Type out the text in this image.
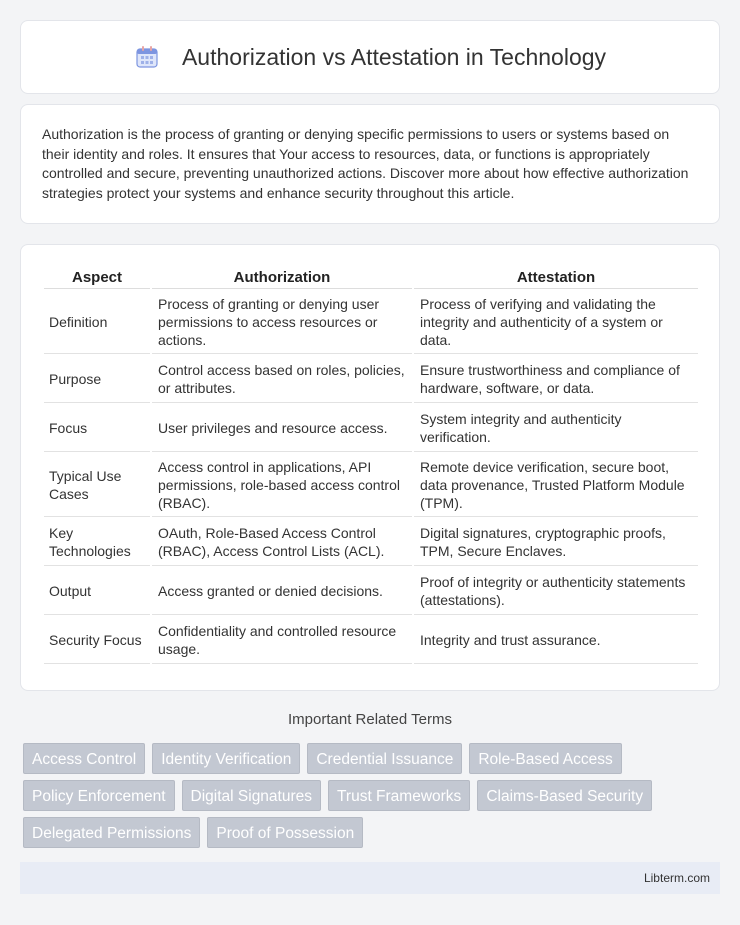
Authorization vs Attestation in Technology

Authorization is the process of granting or denying specific permissions to users or systems based on their identity and roles. It ensures that Your access to resources, data, or functions is appropriately controlled and secure, preventing unauthorized actions. Discover more about how effective authorization strategies protect your systems and enhance security throughout this article.

Aspect	Authorization	Attestation
Definition	Process of granting or denying user permissions to access resources or actions.	Process of verifying and validating the integrity and authenticity of a system or data.
Purpose	Control access based on roles, policies, or attributes.	Ensure trustworthiness and compliance of hardware, software, or data.
Focus	User privileges and resource access.	System integrity and authenticity verification.
Typical Use Cases	Access control in applications, API permissions, role-based access control (RBAC).	Remote device verification, secure boot, data provenance, Trusted Platform Module (TPM).
Key Technologies	OAuth, Role-Based Access Control (RBAC), Access Control Lists (ACL).	Digital signatures, cryptographic proofs, TPM, Secure Enclaves.
Output	Access granted or denied decisions.	Proof of integrity or authenticity statements (attestations).
Security Focus	Confidentiality and controlled resource usage.	Integrity and trust assurance.
Important Related Terms
Access Control	Identity Verification	Credential Issuance	Role-Based Access
Policy Enforcement	Digital Signatures	Trust Frameworks	Claims-Based Security
Delegated Permissions	Proof of Possession
Libterm.com
